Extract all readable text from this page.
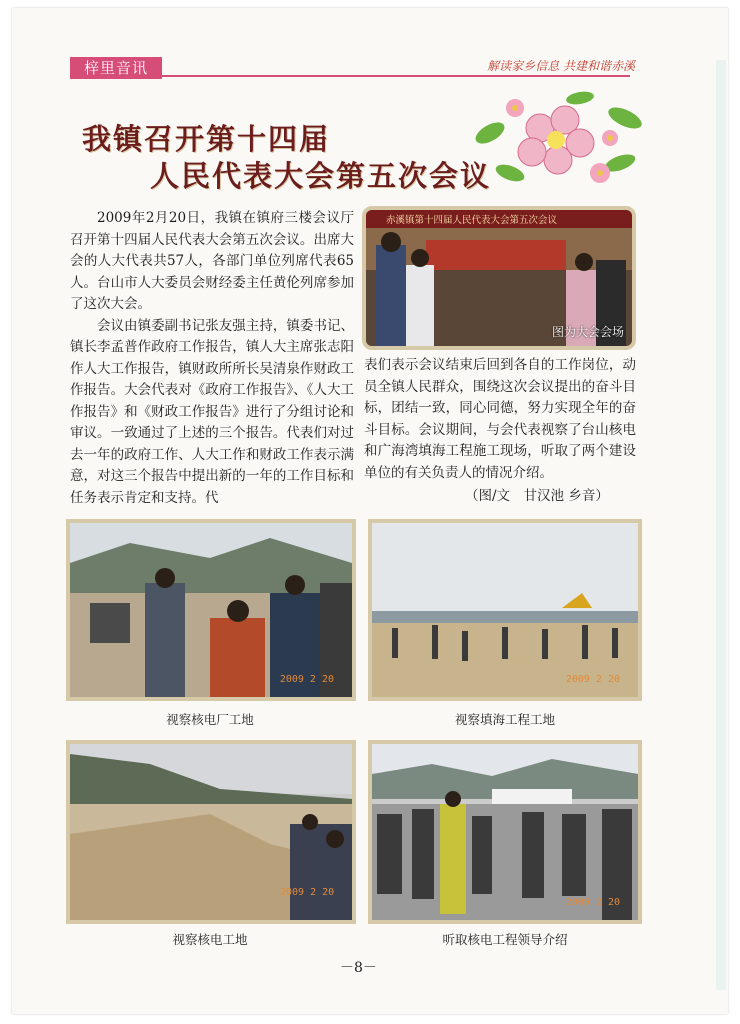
梓里音讯	解读家乡信息 共建和谐赤溪
我镇召开第十四届
人民代表大会第五次会议

2009年2月20日，我镇在镇府三楼会议厅召开第十四届人民代表大会第五次会议。出席大会的人大代表共57人，各部门单位列席代表65人。台山市人大委员会财经委主任黄伦列席参加了这次大会。

会议由镇委副书记张友强主持，镇委书记、镇长李孟普作政府工作报告，镇人大主席张志阳作人大工作报告，镇财政所所长吴清泉作财政工作报告。大会代表对《政府工作报告》、《人大工作报告》和《财政工作报告》进行了分组讨论和审议。一致通过了上述的三个报告。代表们对过去一年的政府工作、人大工作和财政工作表示满意，对这三个报告中提出新的一年的工作目标和任务表示肯定和支持。代

赤溪镇第十四届人民代表大会第五次会议
图为大会会场

表们表示会议结束后回到各自的工作岗位，动员全镇人民群众，围绕这次会议提出的奋斗目标，团结一致，同心同德，努力实现全年的奋斗目标。会议期间，与会代表视察了台山核电和广海湾填海工程施工现场，听取了两个建设单位的有关负责人的情况介绍。

（图/文　甘汉池 乡音）
2009 2 20
视察核电厂工地
2009 2 20
视察填海工程工地
2009 2 20
视察核电工地
2009 2 20
听取核电工程领导介绍
－8－
